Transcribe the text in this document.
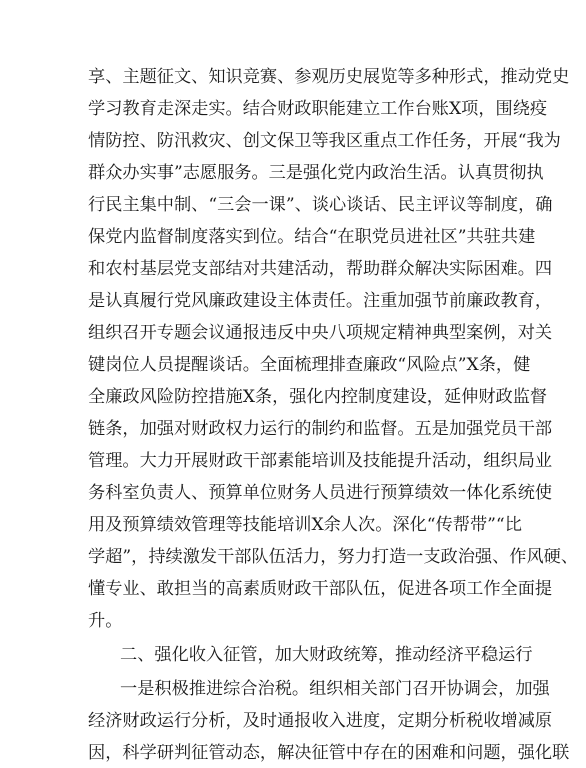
享、主题征文、知识竞赛、参观历史展览等多种形式，推动党史
学习教育走深走实。结合财政职能建立工作台账X项，围绕疫
情防控、防汛救灾、创文保卫等我区重点工作任务，开展“我为
群众办实事”志愿服务。三是强化党内政治生活。认真贯彻执
行民主集中制、“三会一课”、谈心谈话、民主评议等制度，确
保党内监督制度落实到位。结合“在职党员进社区”共驻共建
和农村基层党支部结对共建活动，帮助群众解决实际困难。四
是认真履行党风廉政建设主体责任。注重加强节前廉政教育，
组织召开专题会议通报违反中央八项规定精神典型案例，对关
键岗位人员提醒谈话。全面梳理排查廉政“风险点”X条，健
全廉政风险防控措施X条，强化内控制度建设，延伸财政监督
链条，加强对财政权力运行的制约和监督。五是加强党员干部
管理。大力开展财政干部素能培训及技能提升活动，组织局业
务科室负责人、预算单位财务人员进行预算绩效一体化系统使
用及预算绩效管理等技能培训X余人次。深化“传帮带”“比
学超”，持续激发干部队伍活力，努力打造一支政治强、作风硬、
懂专业、敢担当的高素质财政干部队伍，促进各项工作全面提
升。
二、强化收入征管，加大财政统筹，推动经济平稳运行
一是积极推进综合治税。组织相关部门召开协调会，加强
经济财政运行分析，及时通报收入进度，定期分析税收增减原
因，科学研判征管动态，解决征管中存在的困难和问题，强化联
